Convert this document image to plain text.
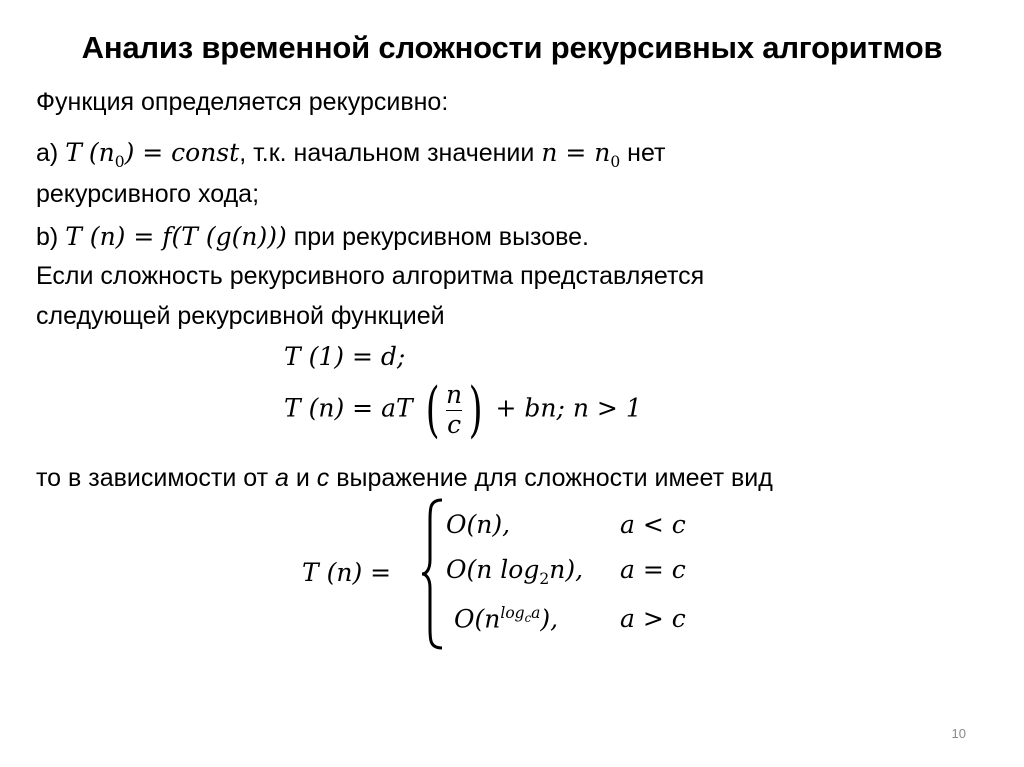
Анализ временной сложности рекурсивных алгоритмов
Функция определяется рекурсивно:
а) T $(n_0)$ = const, т.к. начальном значении $n = n_0$ нет
рекурсивного хода;
b) T (n) = f(T (g(n))) при рекурсивном вызове.
Если сложность рекурсивного алгоритма представляется
следующей рекурсивной функцией
T (1) = d;
T (n) = aT ( $\frac{n}{c}$ ) + bn; n > 1
то в зависимости от a и c выражение для сложности имеет вид
T (n) =
O(n),	a < c
O(n $\log_2n$), a = c
$O(n^{log_ca})$, a > c
10
